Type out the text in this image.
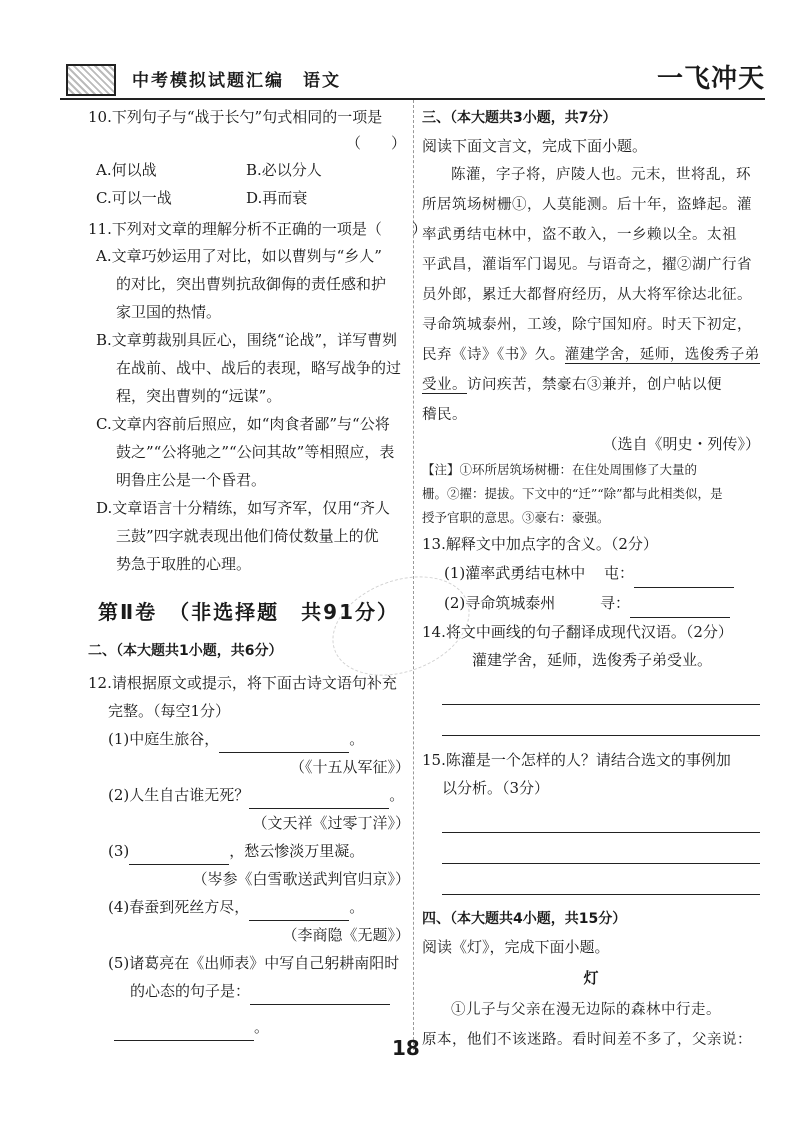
中考模拟试题汇编　语文	一飞冲天
10.下列句子与“战于长勺”句式相同的一项是
（　　）
A.何以战	B.必以分人
C.可以一战	D.再而衰
11.下列对文章的理解分析不正确的一项是（　　）
A.文章巧妙运用了对比，如以曹刿与“乡人”
的对比，突出曹刿抗敌御侮的责任感和护
家卫国的热情。
B.文章剪裁别具匠心，围绕“论战”，详写曹刿
在战前、战中、战后的表现，略写战争的过
程，突出曹刿的“远谋”。
C.文章内容前后照应，如“肉食者鄙”与“公将
鼓之”“公将驰之”“公问其故”等相照应，表
明鲁庄公是一个昏君。
D.文章语言十分精练，如写齐军，仅用“齐人
三鼓”四字就表现出他们倚仗数量上的优
势急于取胜的心理。
第Ⅱ卷　（非选择题　共91分）
二、（本大题共1小题，共6分）
12.请根据原文或提示，将下面古诗文语句补充
完整。（每空1分）
(1)中庭生旅谷，	。
（《十五从军征》）
(2)人生自古谁无死？	。
（文天祥《过零丁洋》）
(3)	，愁云惨淡万里凝。
（岑参《白雪歌送武判官归京》）
(4)春蚕到死丝方尽，	。
（李商隐《无题》）
(5)诸葛亮在《出师表》中写自己躬耕南阳时
的心态的句子是：
。
三、（本大题共3小题，共7分）
阅读下面文言文，完成下面小题。
陈灌，字子将，庐陵人也。元末，世将乱，环
所居筑场树栅①，人莫能测。后十年，盗蜂起。灌
率武勇结屯林中，盗不敢入，一乡赖以全。太祖
平武昌，灌诣军门谒见。与语奇之，擢②湖广行省
员外郎，累迁大都督府经历，从大将军徐达北征。
寻命筑城泰州，工竣，除宁国知府。时天下初定，
民弃《诗》《书》久。灌建学舍，延师，选俊秀子弟
受业。访问疾苦，禁豪右③兼并，创户帖以便
稽民。
（选自《明史・列传》）
【注】①环所居筑场树栅：在住处周围修了大量的
栅。②擢：提拔。下文中的“迁”“除”都与此相类似，是
授予官职的意思。③豪右：豪强。
13.解释文中加点字的含义。（2分）
(1)灌率武勇结屯林中 屯：
(2)寻命筑城泰州	寻：
14.将文中画线的句子翻译成现代汉语。（2分）
灌建学舍，延师，选俊秀子弟受业。
15.陈灌是一个怎样的人？请结合选文的事例加
以分析。（3分）
四、（本大题共4小题，共15分）
阅读《灯》，完成下面小题。
灯
①儿子与父亲在漫无边际的森林中行走。
原本，他们不该迷路。看时间差不多了，父亲说：
18
